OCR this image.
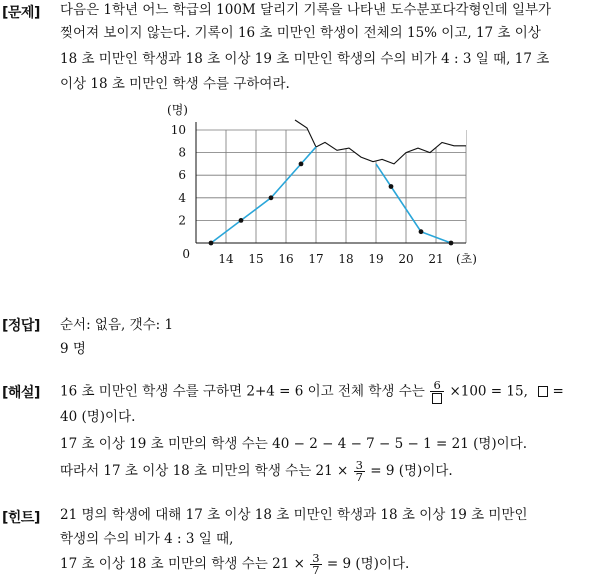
[문제] 다음은 1학년 어느 학급의 100M 달리기 기록을 나타낸 도수분포다각형인데 일부가
찢어져 보이지 않는다. 기록이 16 초 미만인 학생이 전체의 15% 이고, 17 초 이상
18 초 미만인 학생과 18 초 이상 19 초 미만인 학생의 수의 비가 4 : 3 일 때, 17 초
이상 18 초 미만인 학생 수를 구하여라.
2
4
6
8
10
14 15 16 17 18 19 20 21
0
(명)
(초)
[정답] 순서: 없음, 갯수: 1
9 명
[해설] 16 초 미만인 학생 수를 구하면 2+4 = 6 이고 전체 학생 수는 6 ×100 = 15, =
40 (명)이다.
17 초 이상 19 초 미만의 학생 수는 40 − 2 − 4 − 7 − 5 − 1 = 21 (명)이다.
따라서 17 초 이상 18 초 미만의 학생 수는 $21 \times \frac{3}{7} = 9$ (명)이다.
[힌트] 21 명의 학생에 대해 17 초 이상 18 초 미만인 학생과 18 초 이상 19 초 미만인
학생의 수의 비가 4 : 3 일 때,
17 초 이상 18 초 미만의 학생 수는 $21 \times \frac{3}{7} = 9$ (명)이다.
